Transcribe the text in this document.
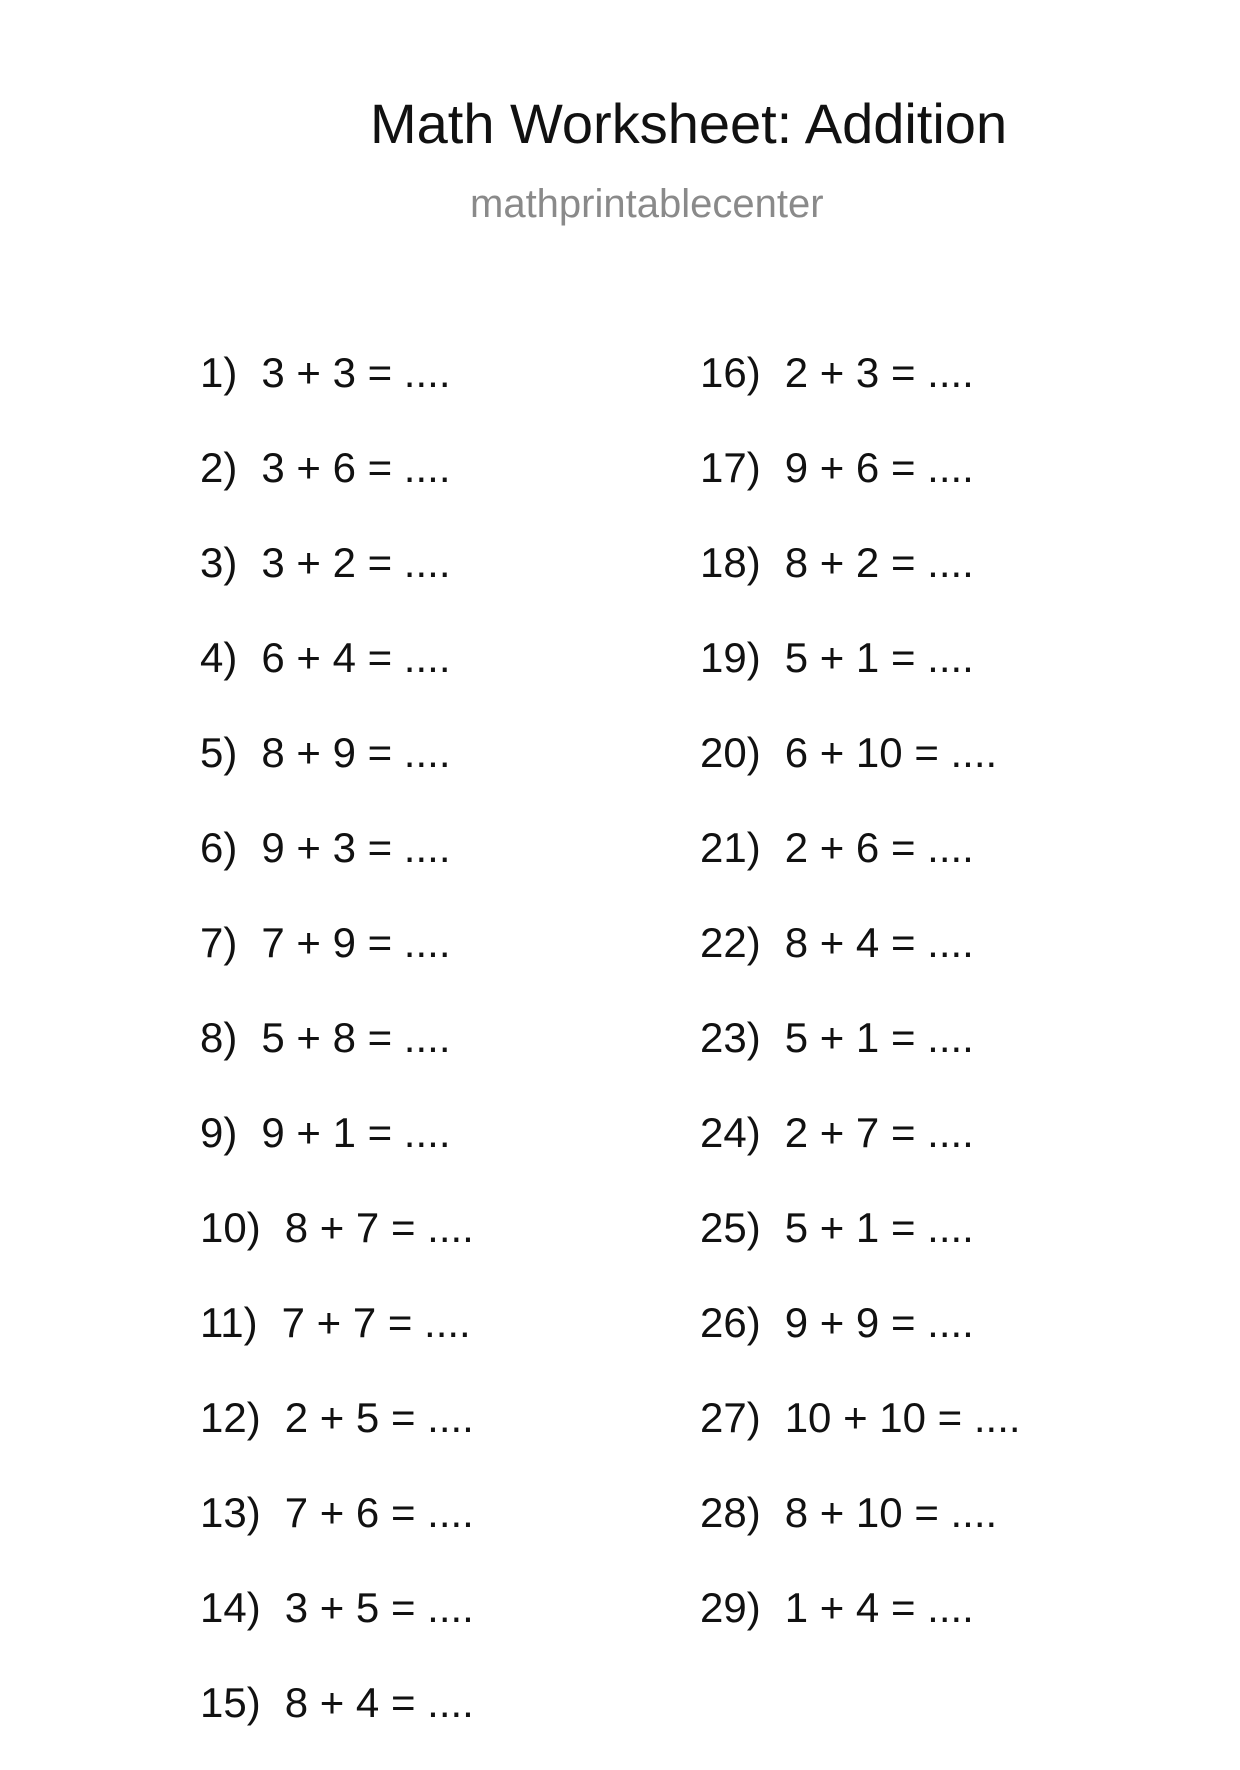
Math Worksheet: Addition
mathprintablecenter
1) 3 + 3 = ....
2) 3 + 6 = ....
3) 3 + 2 = ....
4) 6 + 4 = ....
5) 8 + 9 = ....
6) 9 + 3 = ....
7) 7 + 9 = ....
8) 5 + 8 = ....
9) 9 + 1 = ....
10) 8 + 7 = ....
11) 7 + 7 = ....
12) 2 + 5 = ....
13) 7 + 6 = ....
14) 3 + 5 = ....
15) 8 + 4 = ....
16) 2 + 3 = ....
17) 9 + 6 = ....
18) 8 + 2 = ....
19) 5 + 1 = ....
20) 6 + 10 = ....
21) 2 + 6 = ....
22) 8 + 4 = ....
23) 5 + 1 = ....
24) 2 + 7 = ....
25) 5 + 1 = ....
26) 9 + 9 = ....
27) 10 + 10 = ....
28) 8 + 10 = ....
29) 1 + 4 = ....
